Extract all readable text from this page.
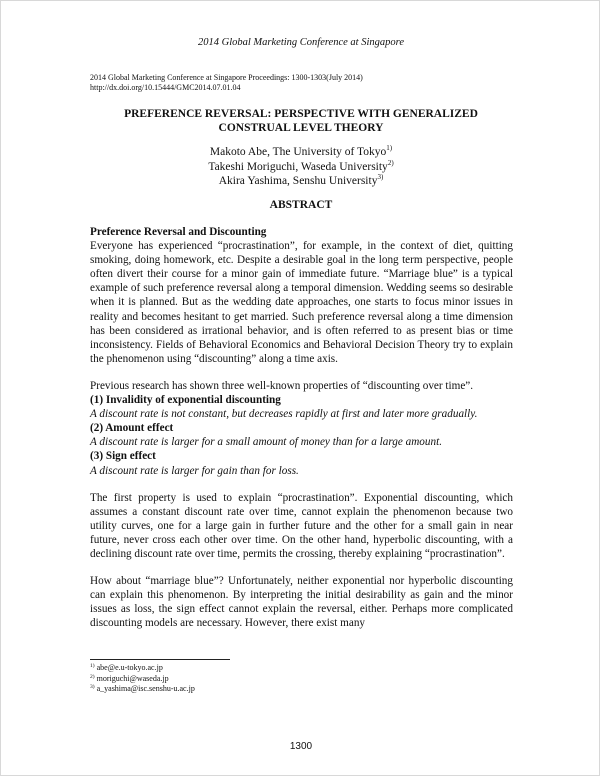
2014 Global Marketing Conference at Singapore
2014 Global Marketing Conference at Singapore Proceedings: 1300-1303(July 2014)
http://dx.doi.org/10.15444/GMC2014.07.01.04
PREFERENCE REVERSAL: PERSPECTIVE WITH GENERALIZED
CONSTRUAL LEVEL THEORY
Makoto Abe, The University of Tokyo$^{1)}$
Takeshi Moriguchi, Waseda University$^{2)}$
Akira Yashima, Senshu University$^{3)}$
ABSTRACT

Preference Reversal and Discounting

Everyone has experienced “procrastination”, for example, in the context of diet, quitting smoking, doing homework, etc. Despite a desirable goal in the long term perspective, people often divert their course for a minor gain of immediate future. “Marriage blue” is a typical example of such preference reversal along a temporal dimension. Wedding seems so desirable when it is planned. But as the wedding date approaches, one starts to focus minor issues in reality and becomes hesitant to get married. Such preference reversal along a time dimension has been considered as irrational behavior, and is often referred to as present bias or time inconsistency. Fields of Behavioral Economics and Behavioral Decision Theory try to explain the phenomenon using “discounting” along a time axis.

Previous research has shown three well-known properties of “discounting over time”.

(1) Invalidity of exponential discounting

A discount rate is not constant, but decreases rapidly at first and later more gradually.

(2) Amount effect

A discount rate is larger for a small amount of money than for a large amount.

(3) Sign effect

A discount rate is larger for gain than for loss.

The first property is used to explain “procrastination”. Exponential discounting, which assumes a constant discount rate over time, cannot explain the phenomenon because two utility curves, one for a large gain in further future and the other for a small gain in near future, never cross each other over time. On the other hand, hyperbolic discounting, with a declining discount rate over time, permits the crossing, thereby explaining “procrastination”.

How about “marriage blue”? Unfortunately, neither exponential nor hyperbolic discounting can explain this phenomenon. By interpreting the initial desirability as gain and the minor issues as loss, the sign effect cannot explain the reversal, either. Perhaps more complicated discounting models are necessary. However, there exist many

$^{1)}$ abe@e.u-tokyo.ac.jp
$^{2)}$ moriguchi@waseda.jp
$^{3)}$ a_yashima@isc.senshu-u.ac.jp
1300
